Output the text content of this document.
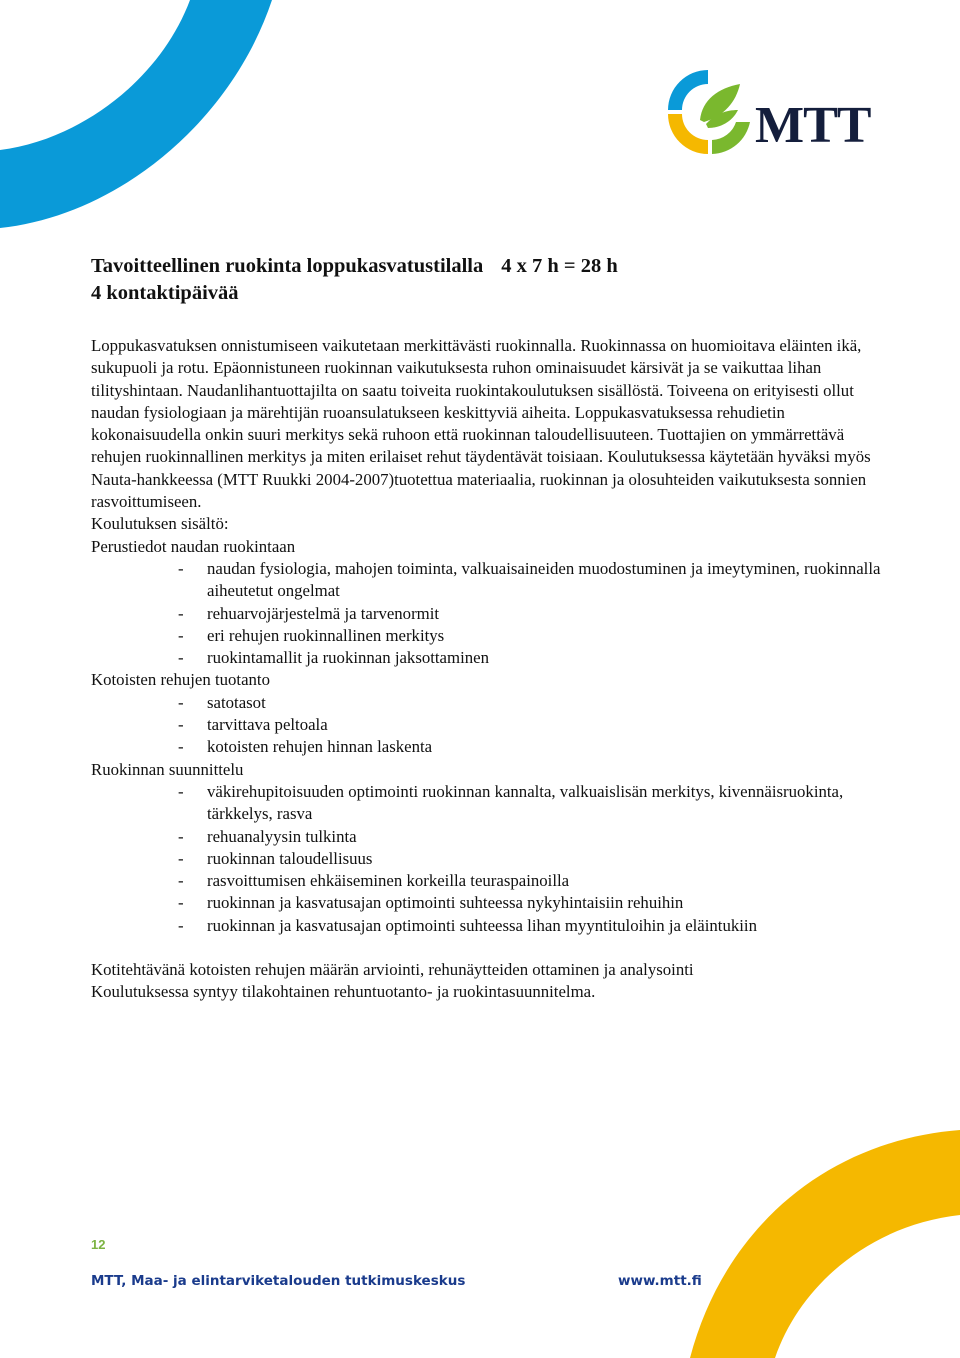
MTT
Tavoitteellinen ruokinta loppukasvatustilalla 4 x 7 h = 28 h
4 kontaktipäivää

Loppukasvatuksen onnistumiseen vaikutetaan merkittävästi ruokinnalla. Ruokinnassa on huomioitava eläinten ikä, sukupuoli ja rotu. Epäonnistuneen ruokinnan vaikutuksesta ruhon ominaisuudet kärsivät ja se vaikuttaa lihan tilityshintaan. Naudanlihantuottajilta on saatu toiveita ruokintakoulutuksen sisällöstä. Toiveena on erityisesti ollut naudan fysiologiaan ja märehtijän ruoansulatukseen keskittyviä aiheita. Loppukasvatuksessa rehudietin kokonaisuudella onkin suuri merkitys sekä ruhoon että ruokinnan taloudellisuuteen. Tuottajien on ymmärrettävä rehujen ruokinnallinen merkitys ja miten erilaiset rehut täydentävät toisiaan. Koulutuksessa käytetään hyväksi myös Nauta-hankkeessa (MTT Ruukki 2004-2007)tuotettua materiaalia, ruokinnan ja olosuhteiden vaikutuksesta sonnien rasvoittumiseen.

Koulutuksen sisältö:

Perustiedot naudan ruokintaan

- naudan fysiologia, mahojen toiminta, valkuaisaineiden muodostuminen ja imeytyminen, ruokinnalla aiheutetut ongelmat
- rehuarvojärjestelmä ja tarvenormit
- eri rehujen ruokinnallinen merkitys
- ruokintamallit ja ruokinnan jaksottaminen

Kotoisten rehujen tuotanto

- satotasot
- tarvittava peltoala
- kotoisten rehujen hinnan laskenta

Ruokinnan suunnittelu

- väkirehupitoisuuden optimointi ruokinnan kannalta, valkuaislisän merkitys, kivennäisruokinta, tärkkelys, rasva
- rehuanalyysin tulkinta
- ruokinnan taloudellisuus
- rasvoittumisen ehkäiseminen korkeilla teuraspainoilla
- ruokinnan ja kasvatusajan optimointi suhteessa nykyhintaisiin rehuihin
- ruokinnan ja kasvatusajan optimointi suhteessa lihan myyntituloihin ja eläintukiin

Kotitehtävänä kotoisten rehujen määrän arviointi, rehunäytteiden ottaminen ja analysointi

Koulutuksessa syntyy tilakohtainen rehuntuotanto- ja ruokintasuunnitelma.

12
MTT, Maa- ja elintarviketalouden tutkimuskeskus	www.mtt.fi
